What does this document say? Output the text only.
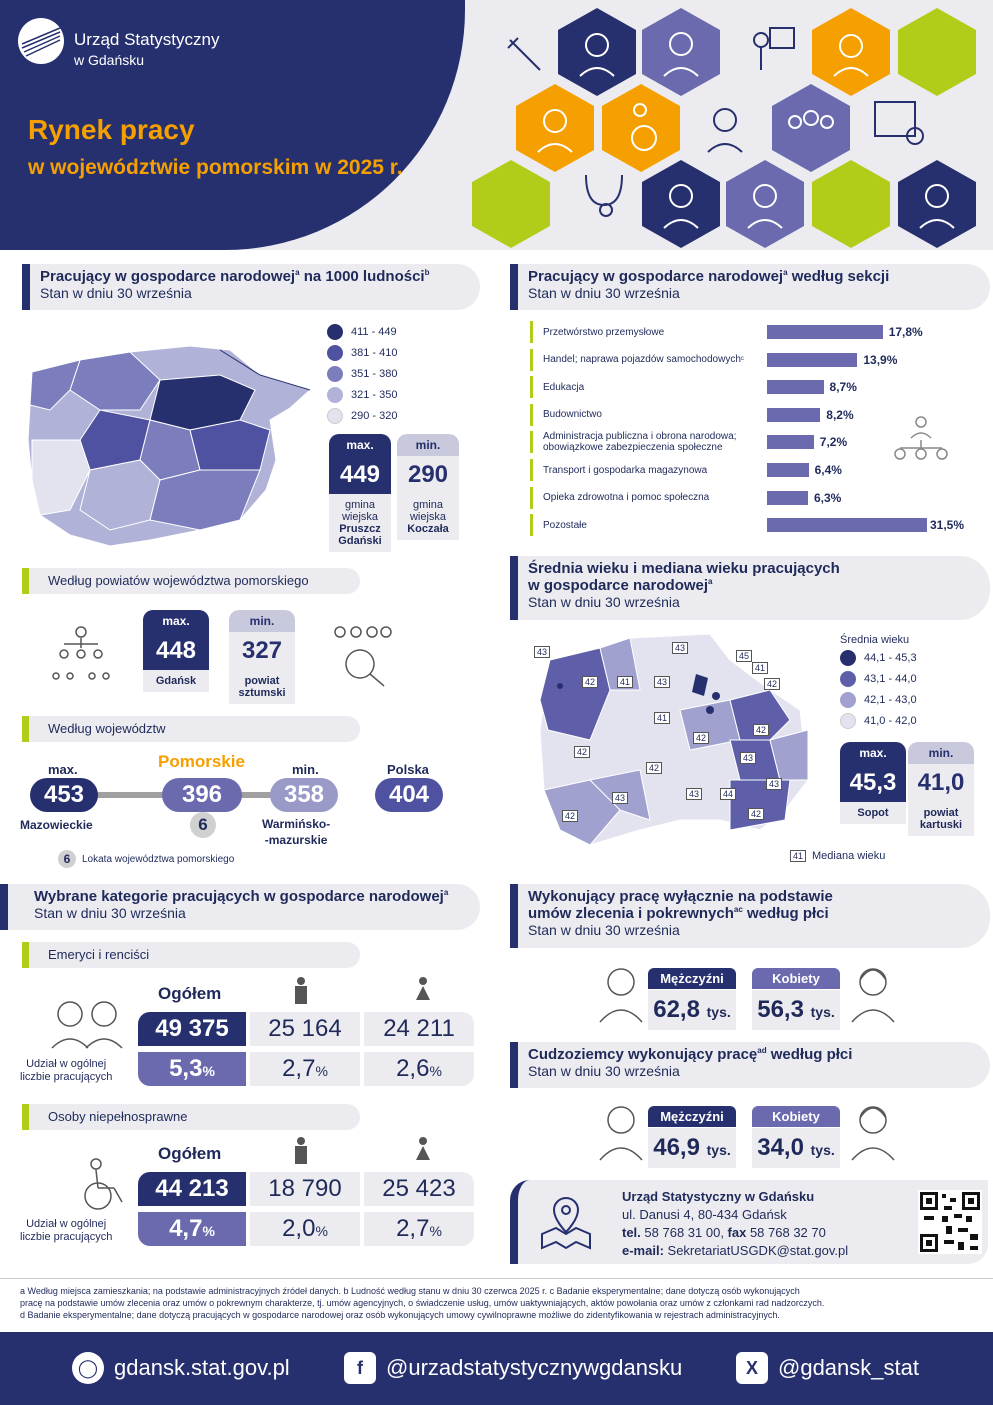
Urząd Statystyczny
w Gdańsku
Rynek pracy
w województwie pomorskim w 2025 r.
Pracujący w gospodarce narodowej$^a$ na 1000 ludności$^b$
Stan w dniu 30 września
411 - 449
381 - 410
351 - 380
321 - 350
290 - 320
max.
449
gmina
wiejska
Pruszcz
Gdański
min.
290
gmina
wiejska
Koczała
Według powiatów województwa pomorskiego
max.
448
Gdańsk
min.
327
powiat
sztumski
Według województw
max.
453
Mazowieckie
Pomorskie
396
6
min.
358
Warmińsko-
-mazurskie
Polska
404
6	Lokata województwa pomorskiego
Pracujący w gospodarce narodowej$^a$ według sekcji
Stan w dniu 30 września
Przetwórstwo przemysłowe	17,8%
Handel; naprawa pojazdów samochodowych c	13,9%
Edukacja	8,7%
Budownictwo	8,2%
Administracja publiczna i obrona narodowa;
obowiązkowe zabezpieczenia społeczne	7,2%
Transport i gospodarka magazynowa	6,4%
Opieka zdrowotna i pomoc społeczna	6,3%
Pozostałe	31,5%
Średnia wieku i mediana wieku pracujących
w gospodarce narodowej$^a$
Stan w dniu 30 września
43
42	41
43
45
41
42
43
41
42
42
43
42
42
42
43	43	44
42
43
Średnia wieku
44,1 - 45,3
43,1 - 44,0
42,1 - 43,0
41,0 - 42,0
max.
45,3
Sopot
min.
41,0
powiat
kartuski
41 Mediana wieku
Wybrane kategorie pracujących w gospodarce narodowej$^a$
Stan w dniu 30 września
Emeryci i renciści
Ogółem
49 375	25 164	24 211
Udział w ogólnej
liczbie pracujących	5,3%	2,7%	2,6%
Osoby niepełnosprawne
Ogółem
44 213	18 790	25 423
Udział w ogólnej
liczbie pracujących	4,7%	2,0%	2,7%
Wykonujący pracę wyłącznie na podstawie
umów zlecenia i pokrewnych$^{ac}$ według płci
Stan w dniu 30 września
Mężczyźni
62,8 tys.
Kobiety
56,3 tys.
Cudzoziemcy wykonujący pracę$^{ad}$ według płci
Stan w dniu 30 września
Mężczyźni
46,9 tys.
Kobiety
34,0 tys.
Urząd Statystyczny w Gdańsku
ul. Danusi 4, 80-434 Gdańsk
tel. 58 768 31 00, fax 58 768 32 70
e-mail: SekretariatUSGDK@stat.gov.pl
a Według miejsca zamieszkania; na podstawie administracyjnych źródeł danych. b Ludność według stanu w dniu 30 czerwca 2025 r. c Badanie eksperymentalne; dane dotyczą osób wykonujących
pracę na podstawie umów zlecenia oraz umów o pokrewnym charakterze, tj. umów agencyjnych, o świadczenie usług, umów uaktywniających, aktów powołania oraz umów z członkami rad nadzorczych.
d Badanie eksperymentalne; dane dotyczą pracujących w gospodarce narodowej oraz osób wykonujących umowy cywilnoprawne możliwe do zidentyfikowania w rejestrach administracyjnych.
◯ gdansk.stat.gov.pl	f	@urzadstatystycznywgdansku	X @gdansk_stat
